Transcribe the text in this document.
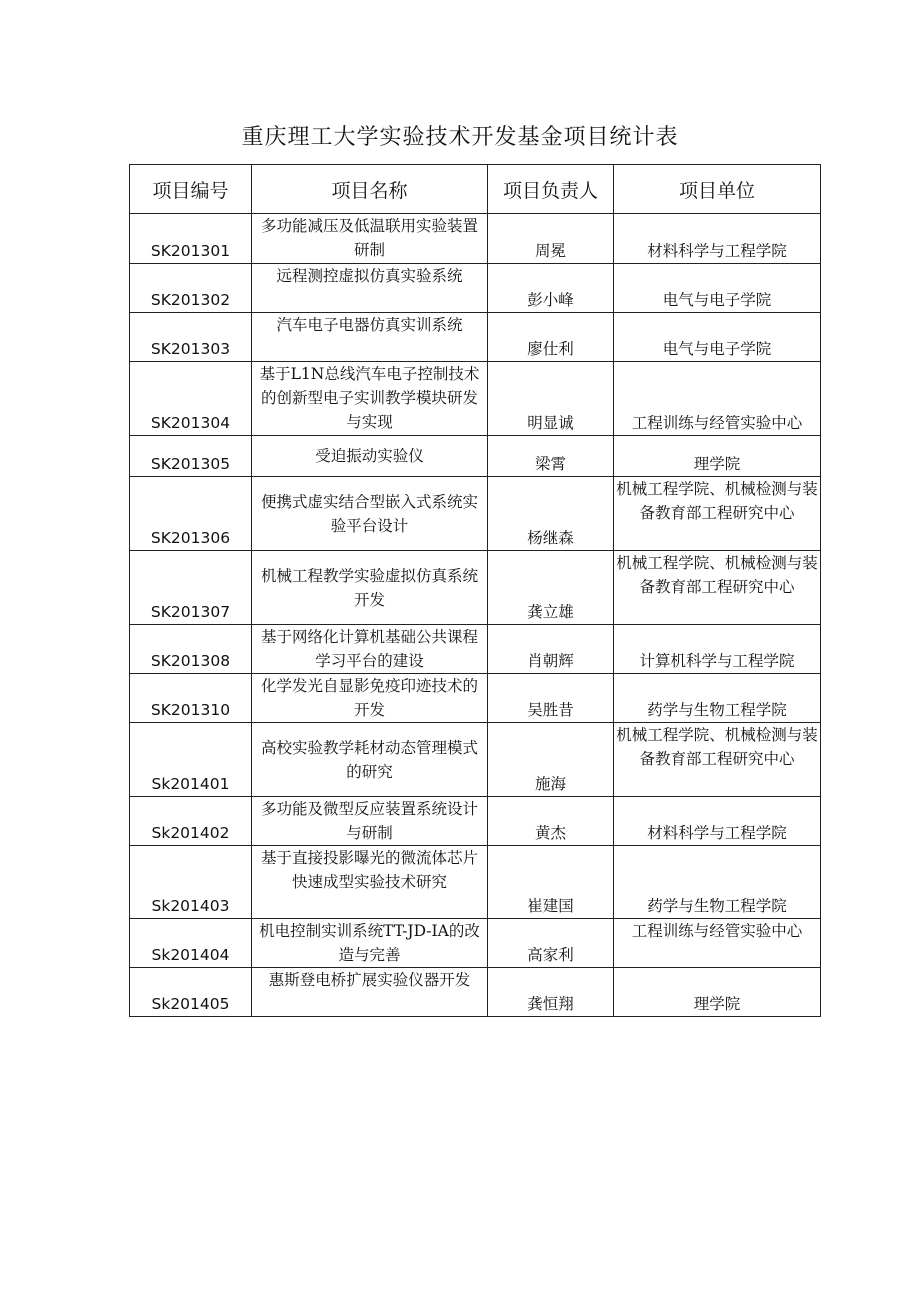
重庆理工大学实验技术开发基金项目统计表
项目编号	项目名称	项目负责人	项目单位
SK201301	多功能减压及低温联用实验装置研制	周冕	材料科学与工程学院
SK201302	远程测控虚拟仿真实验系统	彭小峰	电气与电子学院
SK201303	汽车电子电器仿真实训系统	廖仕利	电气与电子学院
SK201304	基于L1N总线汽车电子控制技术的创新型电子实训教学模块研发与实现	明显诚	工程训练与经管实验中心
SK201305	受迫振动实验仪	梁霄	理学院
SK201306	便携式虚实结合型嵌入式系统实验平台设计	杨继森	机械工程学院、机械检测与装备教育部工程研究中心
SK201307	机械工程教学实验虚拟仿真系统开发	龚立雄	机械工程学院、机械检测与装备教育部工程研究中心
SK201308	基于网络化计算机基础公共课程学习平台的建设	肖朝辉	计算机科学与工程学院
SK201310	化学发光自显影免疫印迹技术的开发	吴胜昔	药学与生物工程学院
Sk201401	高校实验教学耗材动态管理模式的研究	施海	机械工程学院、机械检测与装备教育部工程研究中心
Sk201402	多功能及微型反应装置系统设计与研制	黄杰	材料科学与工程学院
Sk201403	基于直接投影曝光的微流体芯片快速成型实验技术研究	崔建国	药学与生物工程学院
Sk201404	机电控制实训系统TT-JD-IA的改造与完善	高家利	工程训练与经管实验中心
Sk201405	惠斯登电桥扩展实验仪器开发	龚恒翔	理学院
